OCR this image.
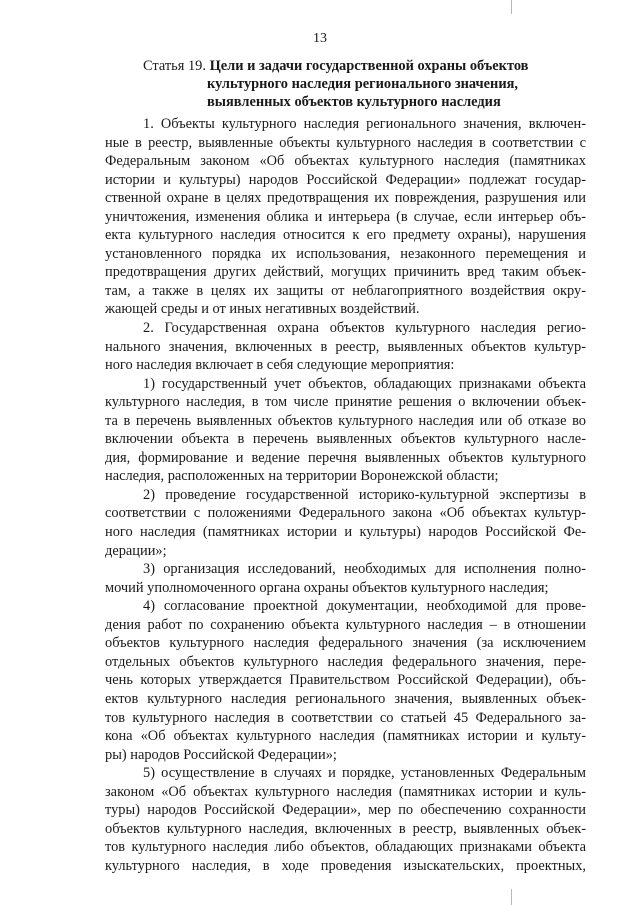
13
Статья 19. Цели и задачи государственной охраны объектов
культурного наследия регионального значения,
выявленных объектов культурного наследия
1. Объекты культурного наследия регионального значения, включен-
ные в реестр, выявленные объекты культурного наследия в соответствии с
Федеральным законом «Об объектах культурного наследия (памятниках
истории и культуры) народов Российской Федерации» подлежат государ-
ственной охране в целях предотвращения их повреждения, разрушения или
уничтожения, изменения облика и интерьера (в случае, если интерьер объ-
екта культурного наследия относится к его предмету охраны), нарушения
установленного порядка их использования, незаконного перемещения и
предотвращения других действий, могущих причинить вред таким объек-
там, а также в целях их защиты от неблагоприятного воздействия окру-
жающей среды и от иных негативных воздействий.
2. Государственная охрана объектов культурного наследия регио-
нального значения, включенных в реестр, выявленных объектов культур-
ного наследия включает в себя следующие мероприятия:
1) государственный учет объектов, обладающих признаками объекта
культурного наследия, в том числе принятие решения о включении объек-
та в перечень выявленных объектов культурного наследия или об отказе во
включении объекта в перечень выявленных объектов культурного насле-
дия, формирование и ведение перечня выявленных объектов культурного
наследия, расположенных на территории Воронежской области;
2) проведение государственной историко-культурной экспертизы в
соответствии с положениями Федерального закона «Об объектах культур-
ного наследия (памятниках истории и культуры) народов Российской Фе-
дерации»;
3) организация исследований, необходимых для исполнения полно-
мочий уполномоченного органа охраны объектов культурного наследия;
4) согласование проектной документации, необходимой для прове-
дения работ по сохранению объекта культурного наследия – в отношении
объектов культурного наследия федерального значения (за исключением
отдельных объектов культурного наследия федерального значения, пере-
чень которых утверждается Правительством Российской Федерации), объ-
ектов культурного наследия регионального значения, выявленных объек-
тов культурного наследия в соответствии со статьей 45 Федерального за-
кона «Об объектах культурного наследия (памятниках истории и культу-
ры) народов Российской Федерации»;
5) осуществление в случаях и порядке, установленных Федеральным
законом «Об объектах культурного наследия (памятниках истории и куль-
туры) народов Российской Федерации», мер по обеспечению сохранности
объектов культурного наследия, включенных в реестр, выявленных объек-
тов культурного наследия либо объектов, обладающих признаками объекта
культурного наследия, в ходе проведения изыскательских, проектных,
